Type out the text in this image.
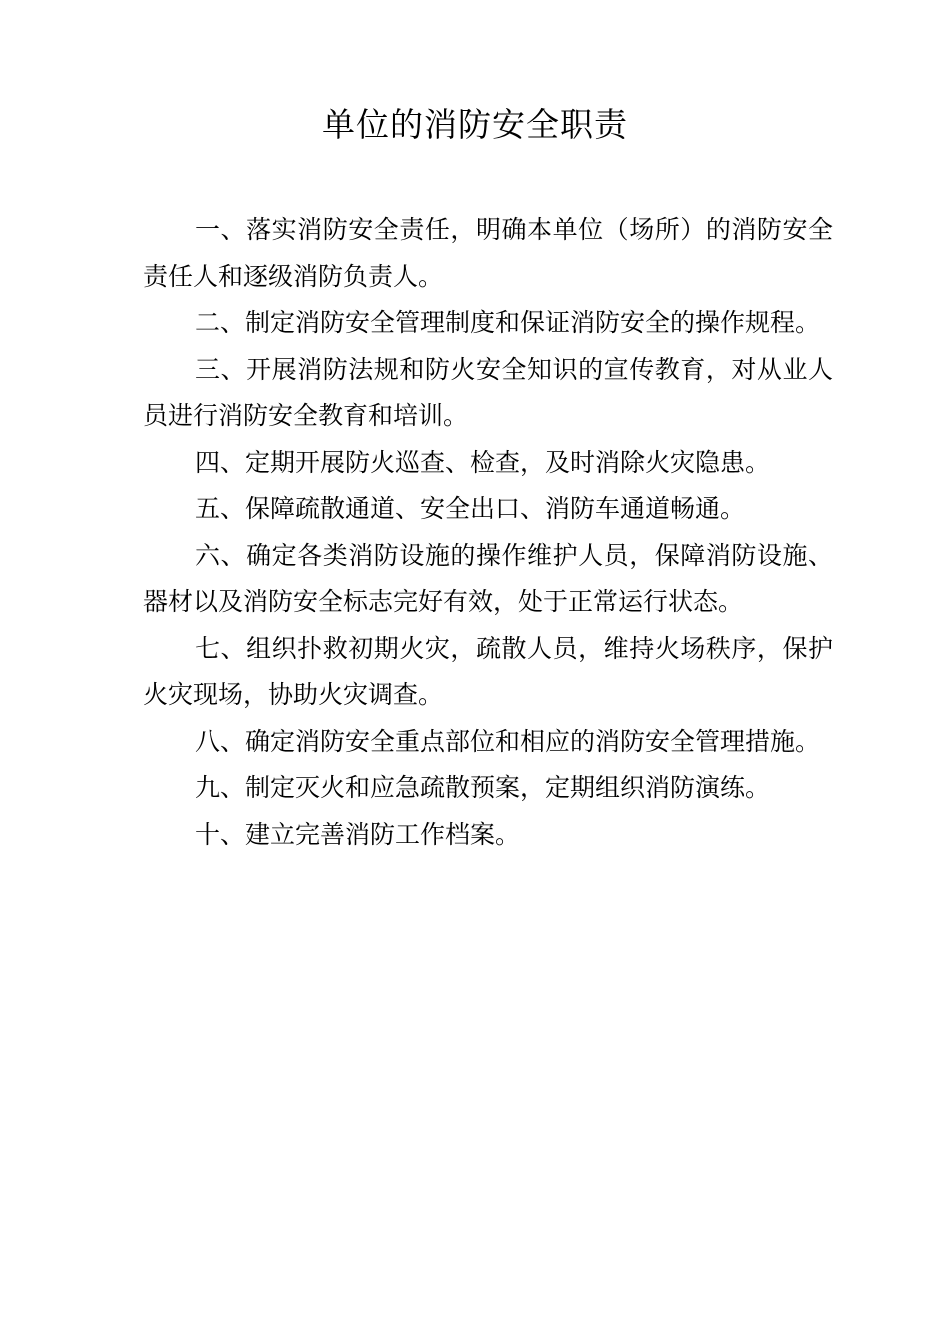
单位的消防安全职责

一、落实消防安全责任，明确本单位（场所）的消防安全责任人和逐级消防负责人。

二、制定消防安全管理制度和保证消防安全的操作规程。

三、开展消防法规和防火安全知识的宣传教育，对从业人员进行消防安全教育和培训。

四、定期开展防火巡查、检查，及时消除火灾隐患。

五、保障疏散通道、安全出口、消防车通道畅通。

六、确定各类消防设施的操作维护人员，保障消防设施、器材以及消防安全标志完好有效，处于正常运行状态。

七、组织扑救初期火灾，疏散人员，维持火场秩序，保护火灾现场，协助火灾调查。

八、确定消防安全重点部位和相应的消防安全管理措施。

九、制定灭火和应急疏散预案，定期组织消防演练。

十、建立完善消防工作档案。
